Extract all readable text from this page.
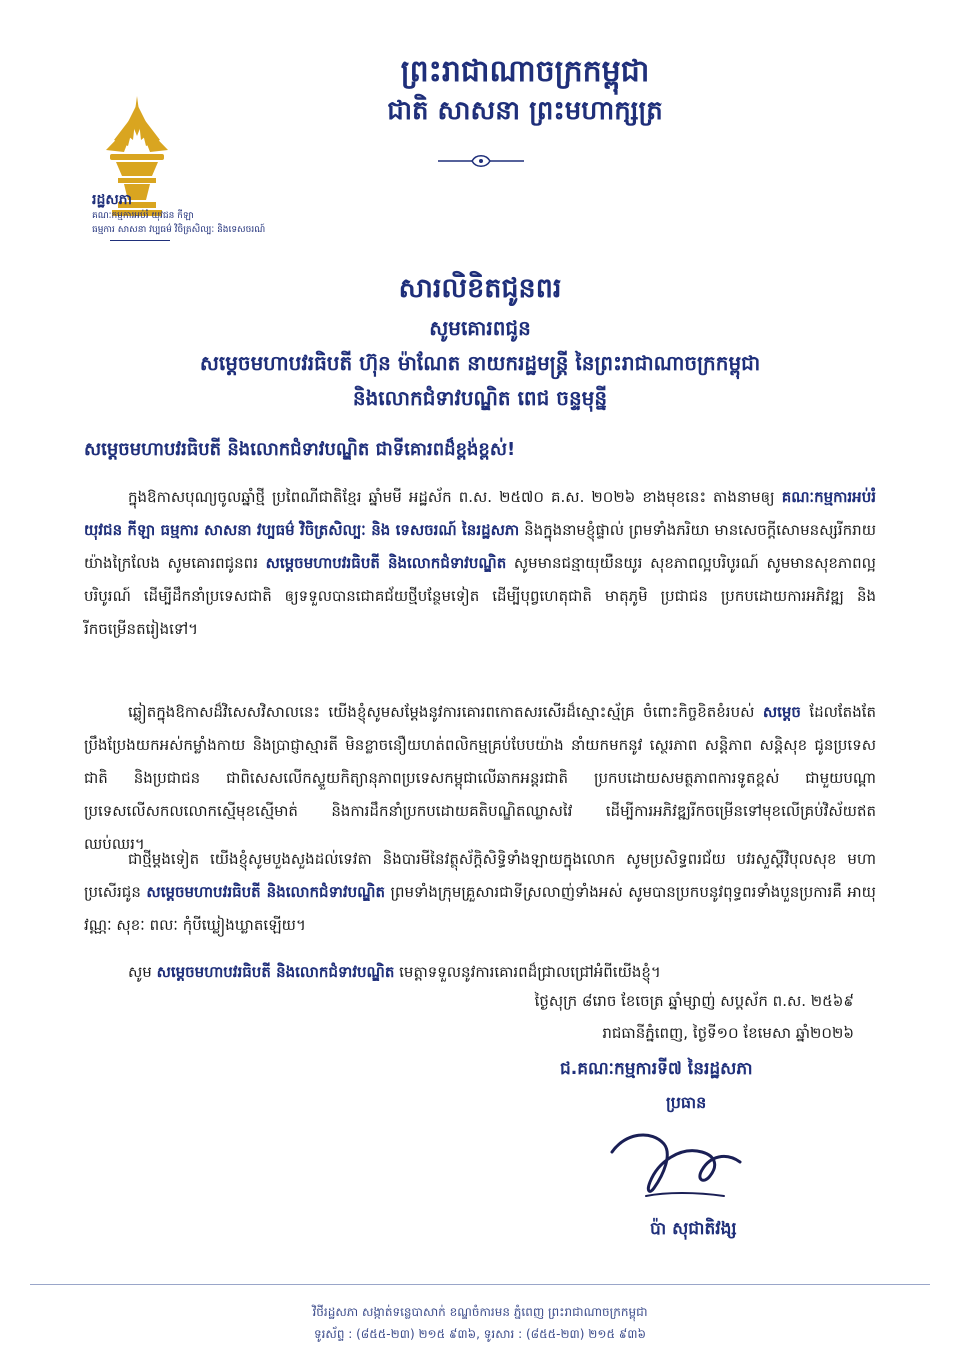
រដ្ឋសភា
គណៈកម្មការអប់រំ យុវជន កីឡា
ធម្មការ សាសនា វប្បធម៌ វិចិត្រសិល្បៈ និងទេសចរណ៍
ព្រះរាជាណាចក្រកម្ពុជា
ជាតិ សាសនា ព្រះមហាក្សត្រ
សារលិខិតជូនពរ
សូមគោរពជូន
សម្តេចមហាបវរធិបតី ហ៊ុន ម៉ាណែត នាយករដ្ឋមន្ត្រី នៃព្រះរាជាណាចក្រកម្ពុជា
និងលោកជំទាវបណ្ឌិត ពេជ ចន្ទមុន្នី
សម្តេចមហាបវរធិបតី និងលោកជំទាវបណ្ឌិត ជាទីគោរពដ៏ខ្ពង់ខ្ពស់!
ក្នុងឱកាសបុណ្យចូលឆ្នាំថ្មី ប្រពៃណីជាតិខ្មែរ ឆ្នាំមមី អដ្ឋស័ក ព.ស. ២៥៧០ គ.ស. ២០២៦ ខាងមុខនេះ តាងនាមឲ្យ គណៈកម្មការអប់រំ យុវជន កីឡា ធម្មការ សាសនា វប្បធម៌ វិចិត្រសិល្បៈ និង ទេសចរណ៍ នៃរដ្ឋសភា និងក្នុងនាមខ្ញុំផ្ទាល់ ព្រមទាំងភរិយា មានសេចក្តីសោមនស្សរីករាយយ៉ាងក្រៃលែង សូមគោរពជូនពរ សម្តេចមហាបវរធិបតី និងលោកជំទាវបណ្ឌិត សូមមានជន្មាយុយឺនយូរ សុខភាពល្អបរិបូរណ៍ សូមមានសុខភាពល្អបរិបូរណ៍ ដើម្បីដឹកនាំប្រទេសជាតិ ឲ្យទទួលបានជោគជ័យថ្មីបន្ថែមទៀត ដើម្បីបុព្វហេតុជាតិ មាតុភូមិ ប្រជាជន ប្រកបដោយការអភិវឌ្ឍ និងរីកចម្រើនតរៀងទៅ។
ឆ្លៀតក្នុងឱកាសដ៏វិសេសវិសាលនេះ យើងខ្ញុំសូមសម្តែងនូវការគោរពកោតសរសើរដ៏ស្មោះស្ម័គ្រ ចំពោះកិច្ចខិតខំរបស់ សម្តេច ដែលតែងតែប្រឹងប្រែងយកអស់កម្លាំងកាយ និងប្រាជ្ញាស្មារតី មិនខ្លាចនឿយហត់ពលិកម្មគ្រប់បែបយ៉ាង នាំយកមកនូវ ស្ថេរភាព សន្តិភាព សន្តិសុខ ជូនប្រទេសជាតិ និងប្រជាជន ជាពិសេសលើកស្ទួយកិត្យានុភាពប្រទេសកម្ពុជាលើឆាកអន្តរជាតិ ប្រកបដោយសមត្ថភាពការទូតខ្ពស់ ជាមួយបណ្តាប្រទេសលើសកលលោកស្មើមុខស្មើមាត់ និងការដឹកនាំប្រកបដោយគតិបណ្ឌិតឈ្លាសវៃ ដើម្បីការអភិវឌ្ឍរីកចម្រើនទៅមុខលើគ្រប់វិស័យឥតឈប់ឈរ។
ជាថ្មីម្តងទៀត យើងខ្ញុំសូមបួងសួងដល់ទេវតា និងបារមីនៃវត្ថុស័ក្តិសិទ្ធិទាំងឡាយក្នុងលោក សូមប្រសិទ្ធពរជ័យ បវរសួស្តីវិបុលសុខ មហាប្រសើរជូន សម្តេចមហាបវរធិបតី និងលោកជំទាវបណ្ឌិត ព្រមទាំងក្រុមគ្រួសារជាទីស្រលាញ់ទាំងអស់ សូមបានប្រកបនូវពុទ្ធពរទាំងបួនប្រការគឺ អាយុ វណ្ណៈ សុខៈ ពលៈ កុំបីឃ្លៀងឃ្លាតឡើយ។
សូម សម្តេចមហាបវរធិបតី និងលោកជំទាវបណ្ឌិត មេត្តាទទួលនូវការគោរពដ៏ជ្រាលជ្រៅអំពីយើងខ្ញុំ។
ថ្ងៃសុក្រ ៨រោច ខែចេត្រ ឆ្នាំម្សាញ់ សប្តស័ក ព.ស. ២៥៦៩
រាជធានីភ្នំពេញ, ថ្ងៃទី១០ ខែមេសា ឆ្នាំ២០២៦
ជ.គណៈកម្មការទី៧ នៃរដ្ឋសភា
ប្រធាន
ប៉ា សុជាតិវង្ស
វិថីរដ្ឋសភា សង្កាត់ទន្លេបាសាក់ ខណ្ឌចំការមន ភ្នំពេញ ព្រះរាជាណាចក្រកម្ពុជា
ទូរស័ព្ទ : (៨៥៥-២៣) ២១៥ ៩៣៦, ទូរសារ : (៨៥៥-២៣) ២១៥ ៩៣៦
